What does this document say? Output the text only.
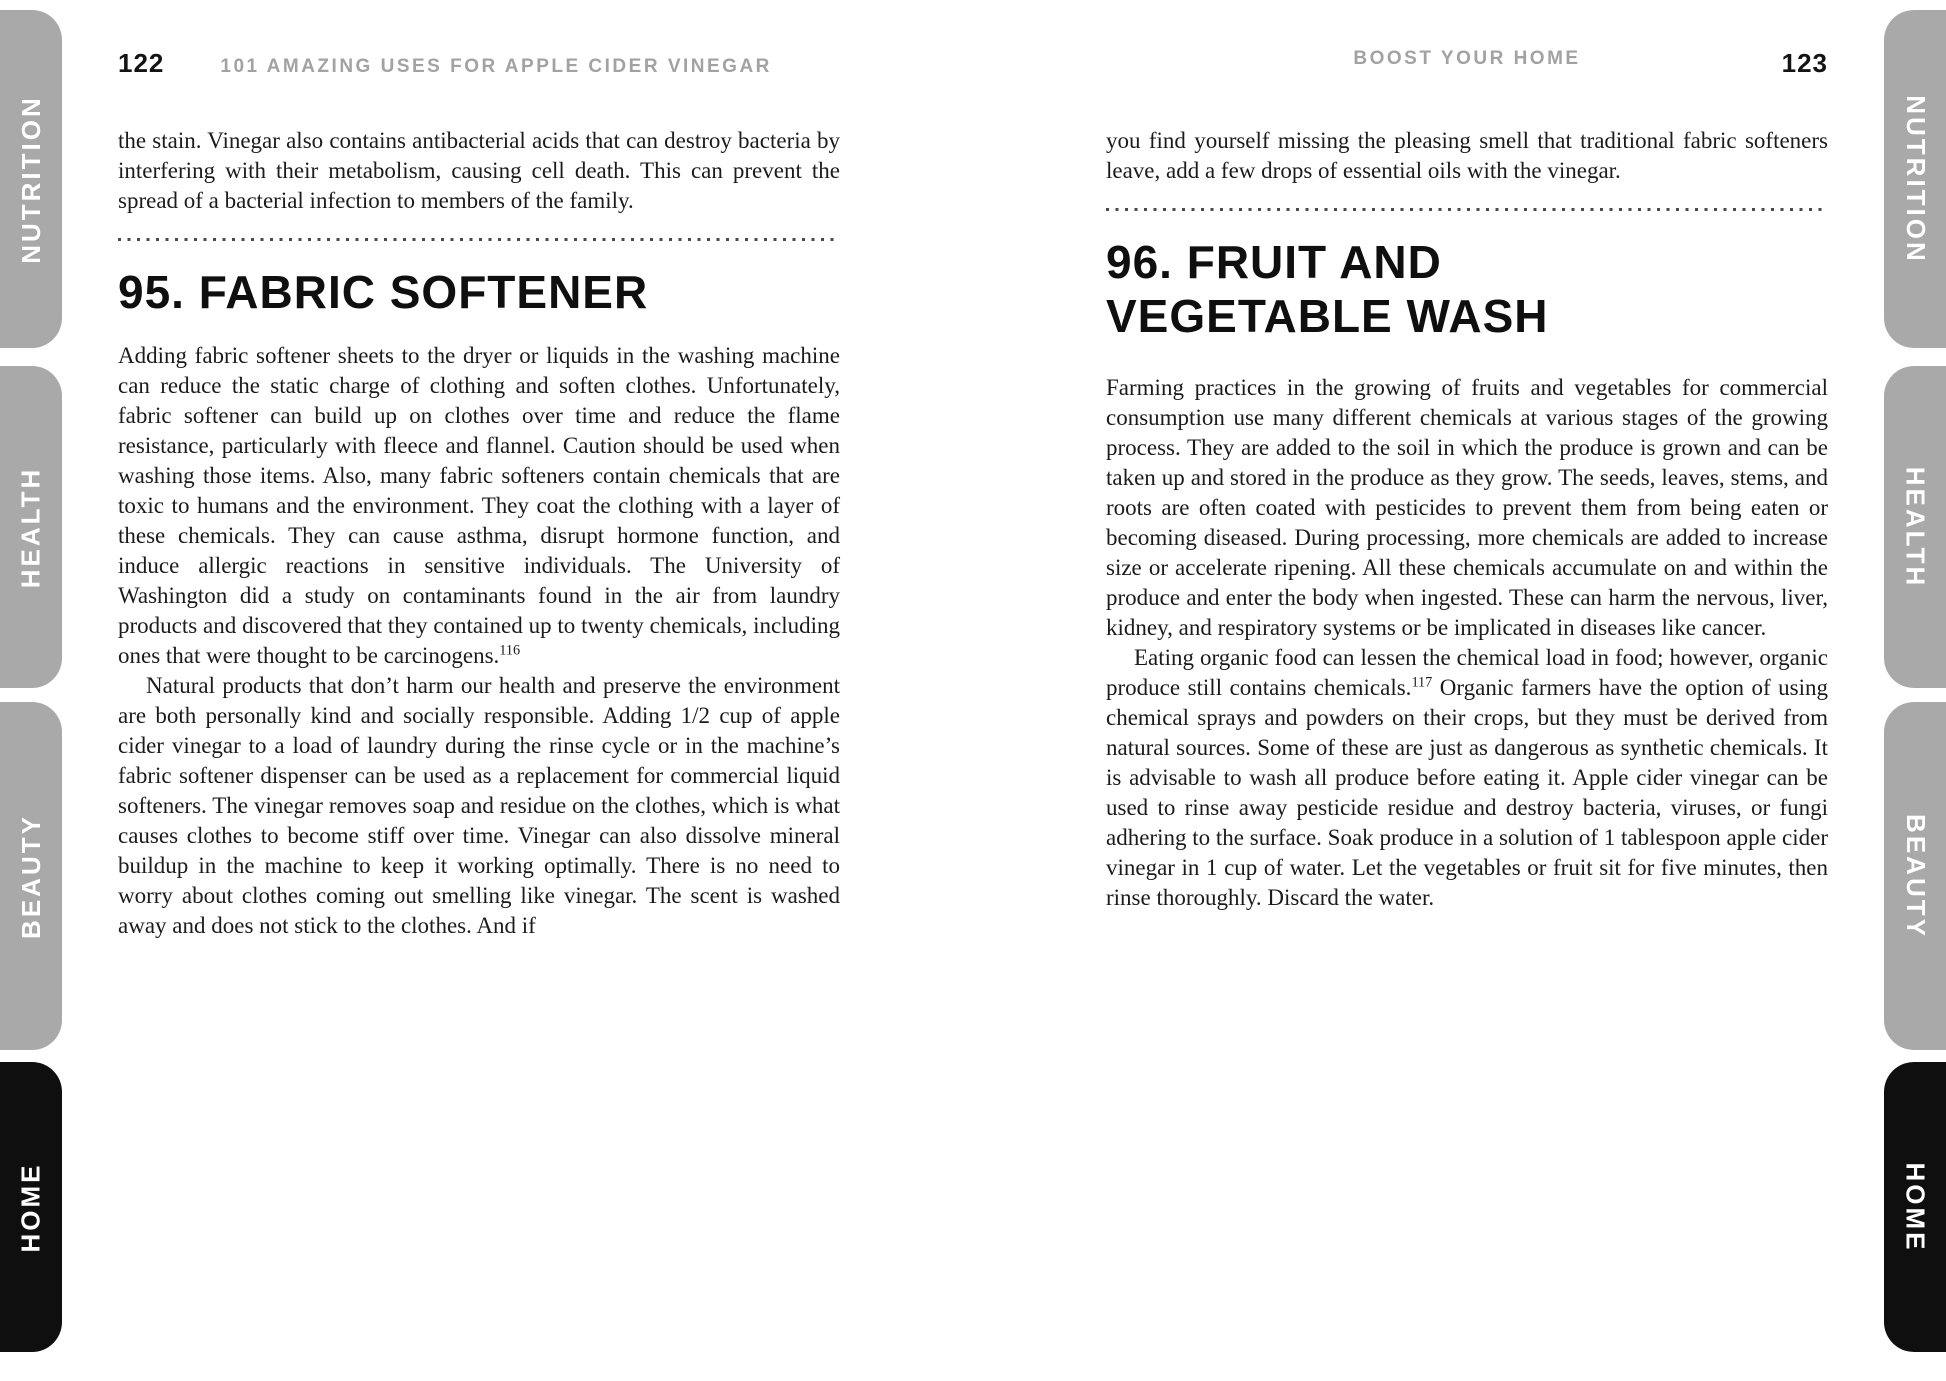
NUTRITION
HEALTH
BEAUTY
HOME
NUTRITION
HEALTH
BEAUTY
HOME
122	101 AMAZING USES FOR APPLE CIDER VINEGAR

the stain. Vinegar also contains antibacterial acids that can destroy bacteria by interfering with their metabolism, causing cell death. This can prevent the spread of a bacterial infection to members of the family.

95. FABRIC SOFTENER

Adding fabric softener sheets to the dryer or liquids in the washing machine can reduce the static charge of clothing and soften clothes. Unfortunately, fabric softener can build up on clothes over time and reduce the flame resistance, particularly with fleece and flannel. Caution should be used when washing those items. Also, many fabric softeners contain chemicals that are toxic to humans and the environment. They coat the clothing with a layer of these chemicals. They can cause asthma, disrupt hormone function, and induce allergic reactions in sensitive individuals. The University of Washington did a study on contaminants found in the air from laundry products and discovered that they contained up to twenty chemicals, including ones that were thought to be carcinogens.$^{116}$

Natural products that don’t harm our health and preserve the environment are both personally kind and socially responsible. Adding 1/2 cup of apple cider vinegar to a load of laundry during the rinse cycle or in the machine’s fabric softener dispenser can be used as a replacement for commercial liquid softeners. The vinegar removes soap and residue on the clothes, which is what causes clothes to become stiff over time. Vinegar can also dissolve mineral buildup in the machine to keep it working optimally. There is no need to worry about clothes coming out smelling like vinegar. The scent is washed away and does not stick to the clothes. And if

BOOST YOUR HOME	123

you find yourself missing the pleasing smell that traditional fabric softeners leave, add a few drops of essential oils with the vinegar.

96. FRUIT AND
VEGETABLE WASH

Farming practices in the growing of fruits and vegetables for commercial consumption use many different chemicals at various stages of the growing process. They are added to the soil in which the produce is grown and can be taken up and stored in the produce as they grow. The seeds, leaves, stems, and roots are often coated with pesticides to prevent them from being eaten or becoming diseased. During processing, more chemicals are added to increase size or accelerate ripening. All these chemicals accumulate on and within the produce and enter the body when ingested. These can harm the nervous, liver, kidney, and respiratory systems or be implicated in diseases like cancer.

Eating organic food can lessen the chemical load in food; however, organic produce still contains chemicals.$^{117}$ Organic farmers have the option of using chemical sprays and powders on their crops, but they must be derived from natural sources. Some of these are just as dangerous as synthetic chemicals. It is advisable to wash all produce before eating it. Apple cider vinegar can be used to rinse away pesticide residue and destroy bacteria, viruses, or fungi adhering to the surface. Soak produce in a solution of 1 tablespoon apple cider vinegar in 1 cup of water. Let the vegetables or fruit sit for five minutes, then rinse thoroughly. Discard the water.
